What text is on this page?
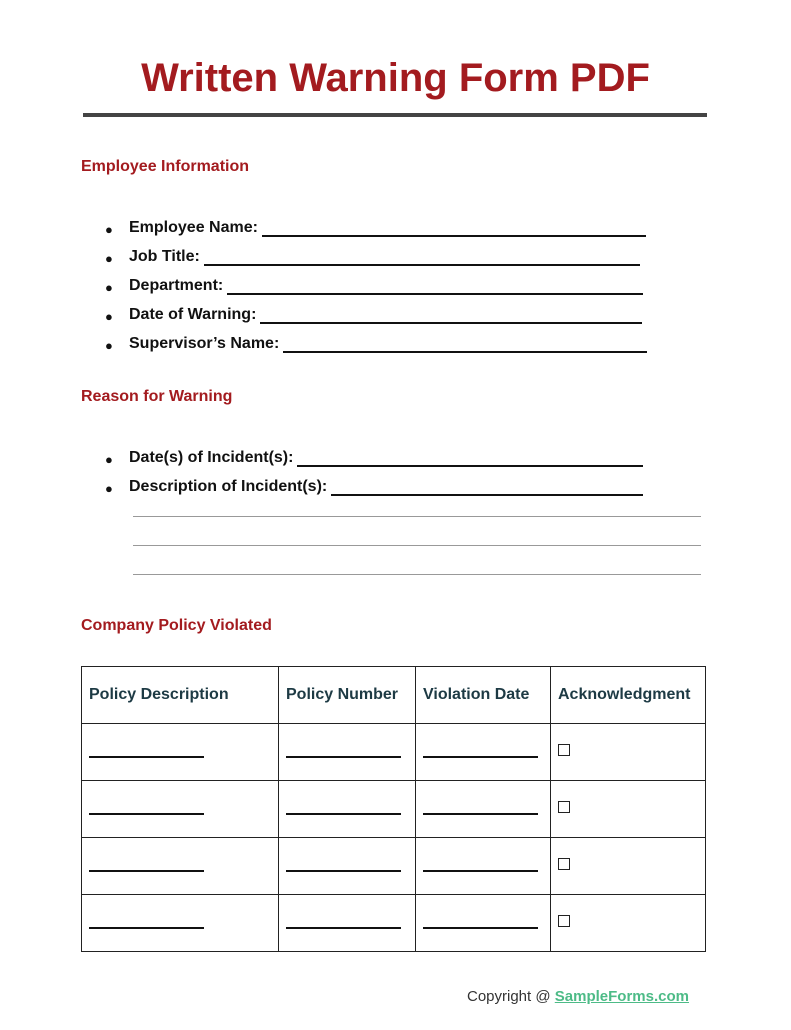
Written Warning Form PDF
Employee Information
●	Employee Name:
●	Job Title:
●	Department:
●	Date of Warning:
●	Supervisor’s Name:
Reason for Warning
●	Date(s) of Incident(s):
●	Description of Incident(s):
Company Policy Violated
Policy Description	Policy Number	Violation Date	Acknowledgment

Copyright @ SampleForms.com
